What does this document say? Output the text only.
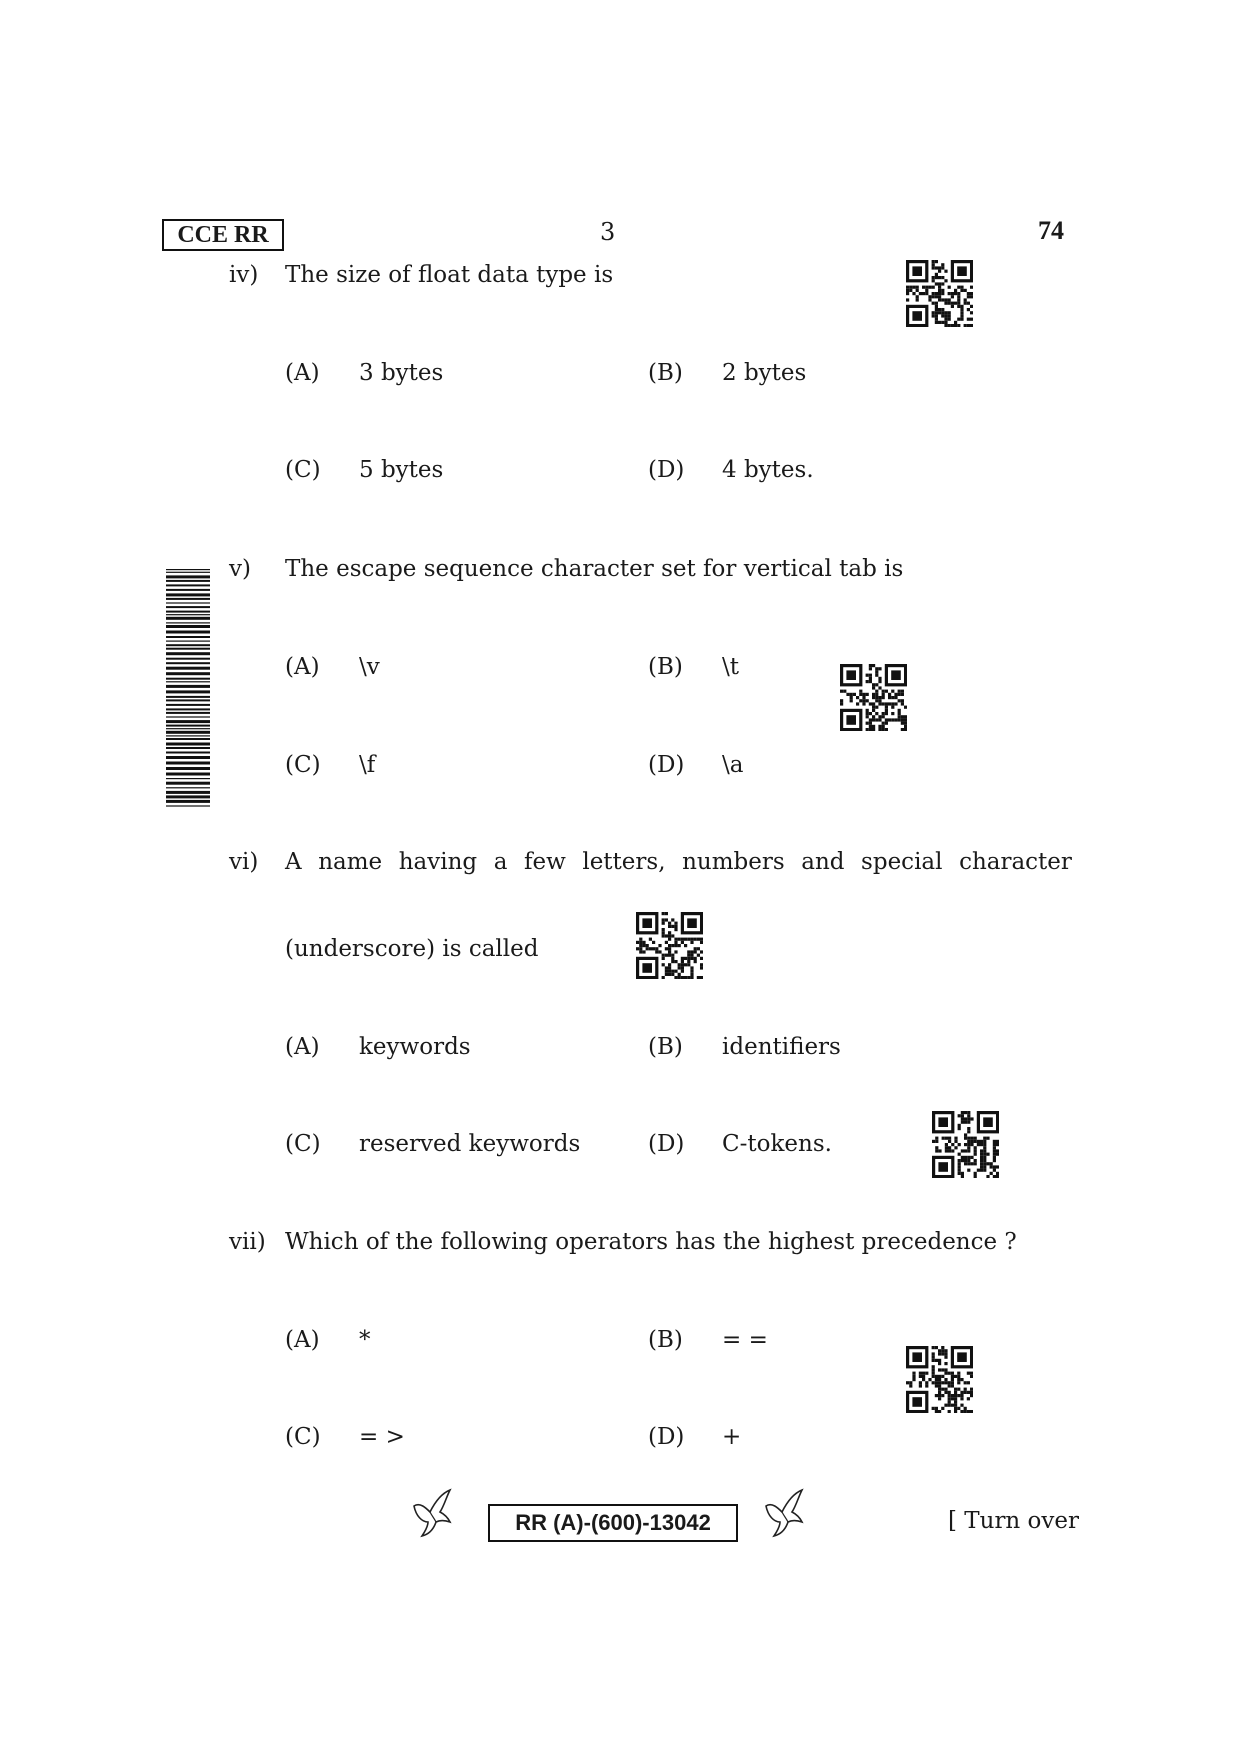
CCE RR	3	74
iv) The size of float data type is
(A) 3 bytes	(B) 2 bytes
(C) 5 bytes	(D) 4 bytes.
v) The escape sequence character set for vertical tab is
(A) \v	(B) \t
(C) \f	(D) \a
vi) A name having a few letters, numbers and special character
(underscore) is called
(A) keywords	(B) identifiers
(C) reserved keywords	(D) C-tokens.
vii) Which of the following operators has the highest precedence ?
(A) *	(B) = =
(C) = >	(D) +
RR (A)-(600)-13042	[ Turn over
